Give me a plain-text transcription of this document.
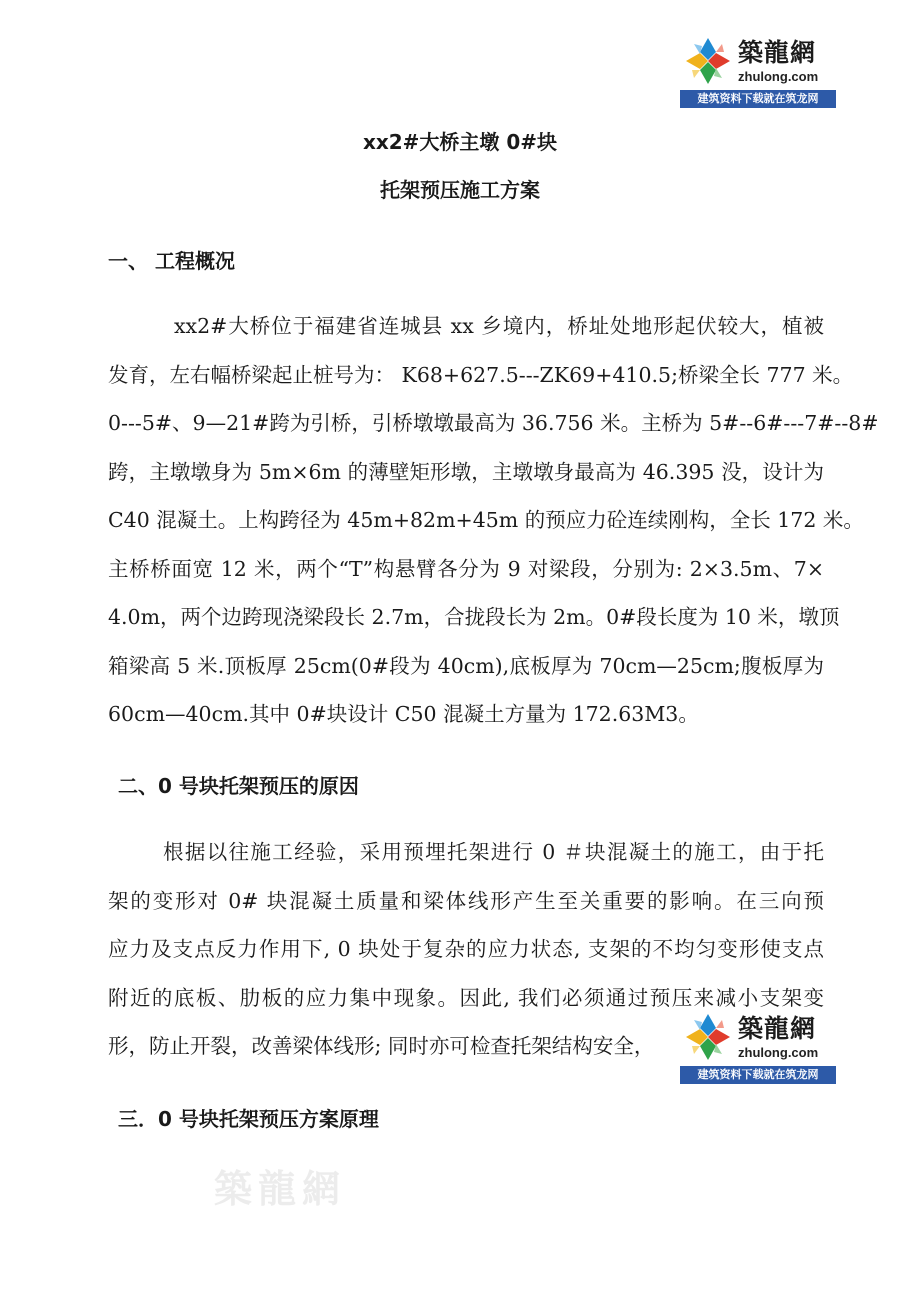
築龍網
zhulong.com
建筑资料下载就在筑龙网
xx2#大桥主墩 0#块
托架预压施工方案
一、 工程概况
xx2#大桥位于福建省连城县 xx 乡境内，桥址处地形起伏较大，植被
发育，左右幅桥梁起止桩号为： K68+627.5---ZK69+410.5;桥梁全长 777 米。
0---5#、9—21#跨为引桥，引桥墩墩最高为 36.756 米。主桥为 5#--6#---7#--8#
跨，主墩墩身为 5m×6m 的薄壁矩形墩，主墩墩身最高为 46.395 没，设计为
C40 混凝土。上构跨径为 45m+82m+45m 的预应力砼连续刚构，全长 172 米。
主桥桥面宽 12 米，两个“T”构悬臂各分为 9 对梁段，分别为: 2×3.5m、7×
4.0m，两个边跨现浇梁段长 2.7m，合拢段长为 2m。0#段长度为 10 米，墩顶
箱梁高 5 米.顶板厚 25cm(0#段为 40cm),底板厚为 70cm—25cm;腹板厚为
60cm—40cm.其中 0#块设计 C50 混凝土方量为 172.63M3。
二、0 号块托架预压的原因
根据以往施工经验，采用预埋托架进行 0 ＃块混凝土的施工，由于托
架的变形对 0# 块混凝土质量和梁体线形产生至关重要的影响。在三向预
应力及支点反力作用下, 0 块处于复杂的应力状态, 支架的不均匀变形使支点
附近的底板、肋板的应力集中现象。因此, 我们必须通过预压来减小支架变
形，防止开裂，改善梁体线形; 同时亦可检查托架结构安全，
築龍網
zhulong.com
建筑资料下载就在筑龙网
三．0 号块托架预压方案原理
築龍網
